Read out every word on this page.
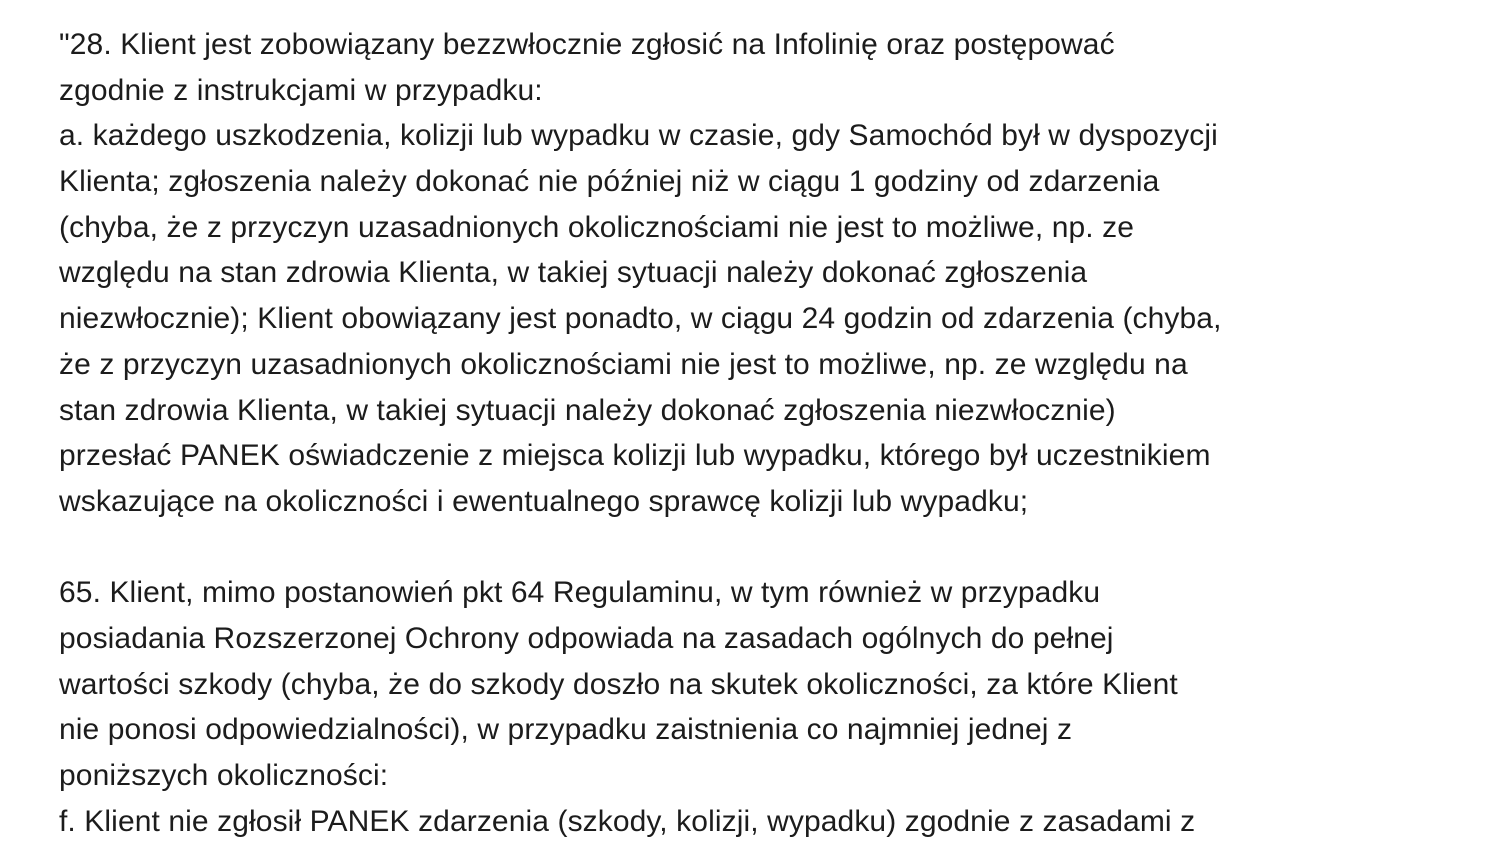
"28. Klient jest zobowiązany bezzwłocznie zgłosić na Infolinię oraz postępować
zgodnie z instrukcjami w przypadku:
a. każdego uszkodzenia, kolizji lub wypadku w czasie, gdy Samochód był w dyspozycji
Klienta; zgłoszenia należy dokonać nie później niż w ciągu 1 godziny od zdarzenia
(chyba, że z przyczyn uzasadnionych okolicznościami nie jest to możliwe, np. ze
względu na stan zdrowia Klienta, w takiej sytuacji należy dokonać zgłoszenia
niezwłocznie); Klient obowiązany jest ponadto, w ciągu 24 godzin od zdarzenia (chyba,
że z przyczyn uzasadnionych okolicznościami nie jest to możliwe, np. ze względu na
stan zdrowia Klienta, w takiej sytuacji należy dokonać zgłoszenia niezwłocznie)
przesłać PANEK oświadczenie z miejsca kolizji lub wypadku, którego był uczestnikiem
wskazujące na okoliczności i ewentualnego sprawcę kolizji lub wypadku;
65. Klient, mimo postanowień pkt 64 Regulaminu, w tym również w przypadku
posiadania Rozszerzonej Ochrony odpowiada na zasadach ogólnych do pełnej
wartości szkody (chyba, że do szkody doszło na skutek okoliczności, za które Klient
nie ponosi odpowiedzialności), w przypadku zaistnienia co najmniej jednej z
poniższych okoliczności:
f. Klient nie zgłosił PANEK zdarzenia (szkody, kolizji, wypadku) zgodnie z zasadami z
